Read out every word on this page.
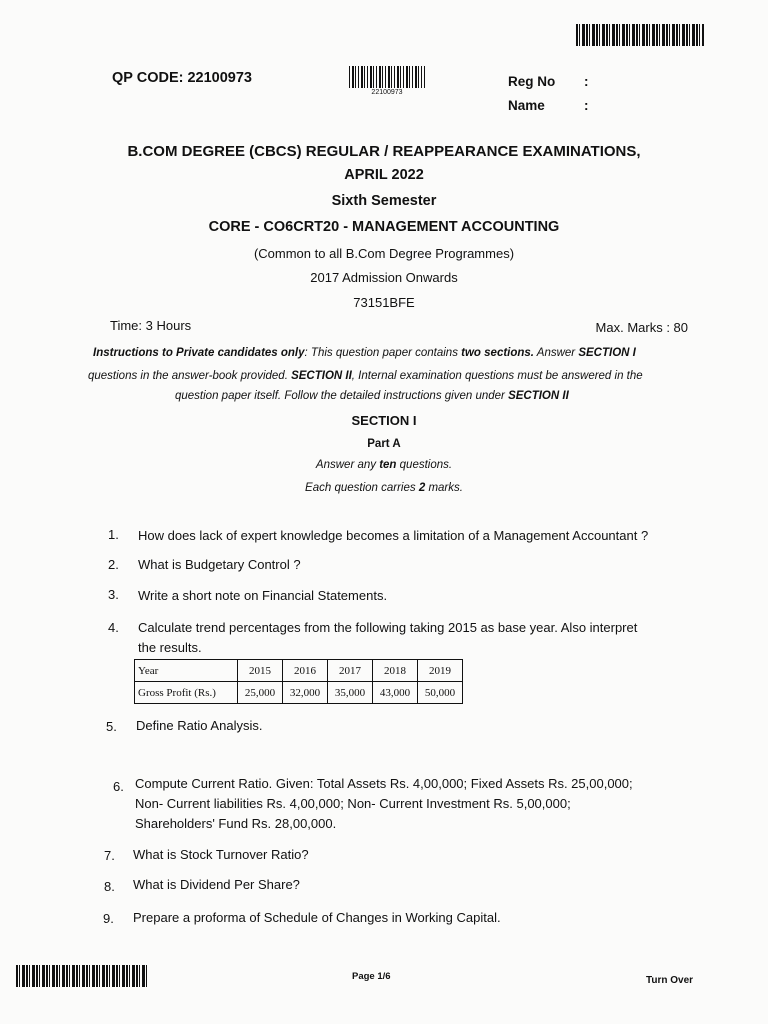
22100973
QP CODE: 22100973	Reg No :
Name	:
B.COM DEGREE (CBCS) REGULAR / REAPPEARANCE EXAMINATIONS,
APRIL 2022
Sixth Semester
CORE - CO6CRT20 - MANAGEMENT ACCOUNTING
(Common to all B.Com Degree Programmes)
2017 Admission Onwards
73151BFE
Time: 3 Hours	Max. Marks : 80
Instructions to Private candidates only: This question paper contains two sections. Answer SECTION I
questions in the answer-book provided. SECTION II, Internal examination questions must be answered in the
question paper itself. Follow the detailed instructions given under SECTION II
SECTION I
Part A
Answer any ten questions.
Each question carries 2 marks.
1. How does lack of expert knowledge becomes a limitation of a Management Accountant ?
2. What is Budgetary Control ?
3. Write a short note on Financial Statements.
4. Calculate trend percentages from the following taking 2015 as base year. Also interpret
the results.
Year	2015	2016	2017	2018	2019
Gross Profit (Rs.)	25,000	32,000	35,000	43,000	50,000
5. Define Ratio Analysis.
6. Compute Current Ratio. Given: Total Assets Rs. 4,00,000; Fixed Assets Rs. 25,00,000;
Non- Current liabilities Rs. 4,00,000; Non- Current Investment Rs. 5,00,000;
Shareholders' Fund Rs. 28,00,000.
7. What is Stock Turnover Ratio?
8. What is Dividend Per Share?
9. Prepare a proforma of Schedule of Changes in Working Capital.
Page 1/6	Turn Over
